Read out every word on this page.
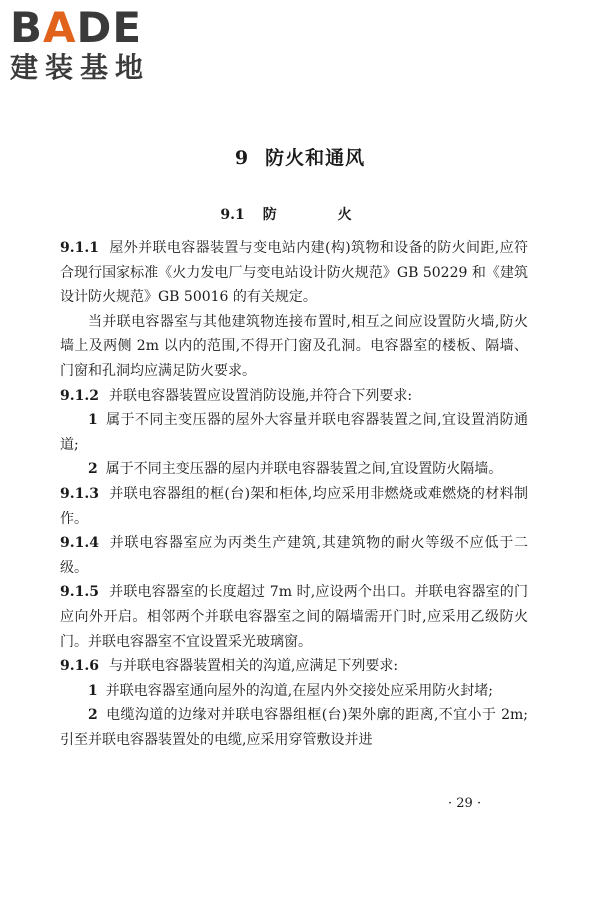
BADE
建装基地
9 防火和通风
9.1 防 火

9.1.1 屋外并联电容器装置与变电站内建(构)筑物和设备的防火间距,应符合现行国家标准《火力发电厂与变电站设计防火规范》GB 50229 和《建筑设计防火规范》GB 50016 的有关规定。

当并联电容器室与其他建筑物连接布置时,相互之间应设置防火墙,防火墙上及两侧 2m 以内的范围,不得开门窗及孔洞。电容器室的楼板、隔墙、门窗和孔洞均应满足防火要求。

9.1.2 并联电容器装置应设置消防设施,并符合下列要求:

1 属于不同主变压器的屋外大容量并联电容器装置之间,宜设置消防通道;

2 属于不同主变压器的屋内并联电容器装置之间,宜设置防火隔墙。

9.1.3 并联电容器组的框(台)架和柜体,均应采用非燃烧或难燃烧的材料制作。

9.1.4 并联电容器室应为丙类生产建筑,其建筑物的耐火等级不应低于二级。

9.1.5 并联电容器室的长度超过 7m 时,应设两个出口。并联电容器室的门应向外开启。相邻两个并联电容器室之间的隔墙需开门时,应采用乙级防火门。并联电容器室不宜设置采光玻璃窗。

9.1.6 与并联电容器装置相关的沟道,应满足下列要求:

1 并联电容器室通向屋外的沟道,在屋内外交接处应采用防火封堵;

2 电缆沟道的边缘对并联电容器组框(台)架外廓的距离,不宜小于 2m;引至并联电容器装置处的电缆,应采用穿管敷设并进

· 29 ·
